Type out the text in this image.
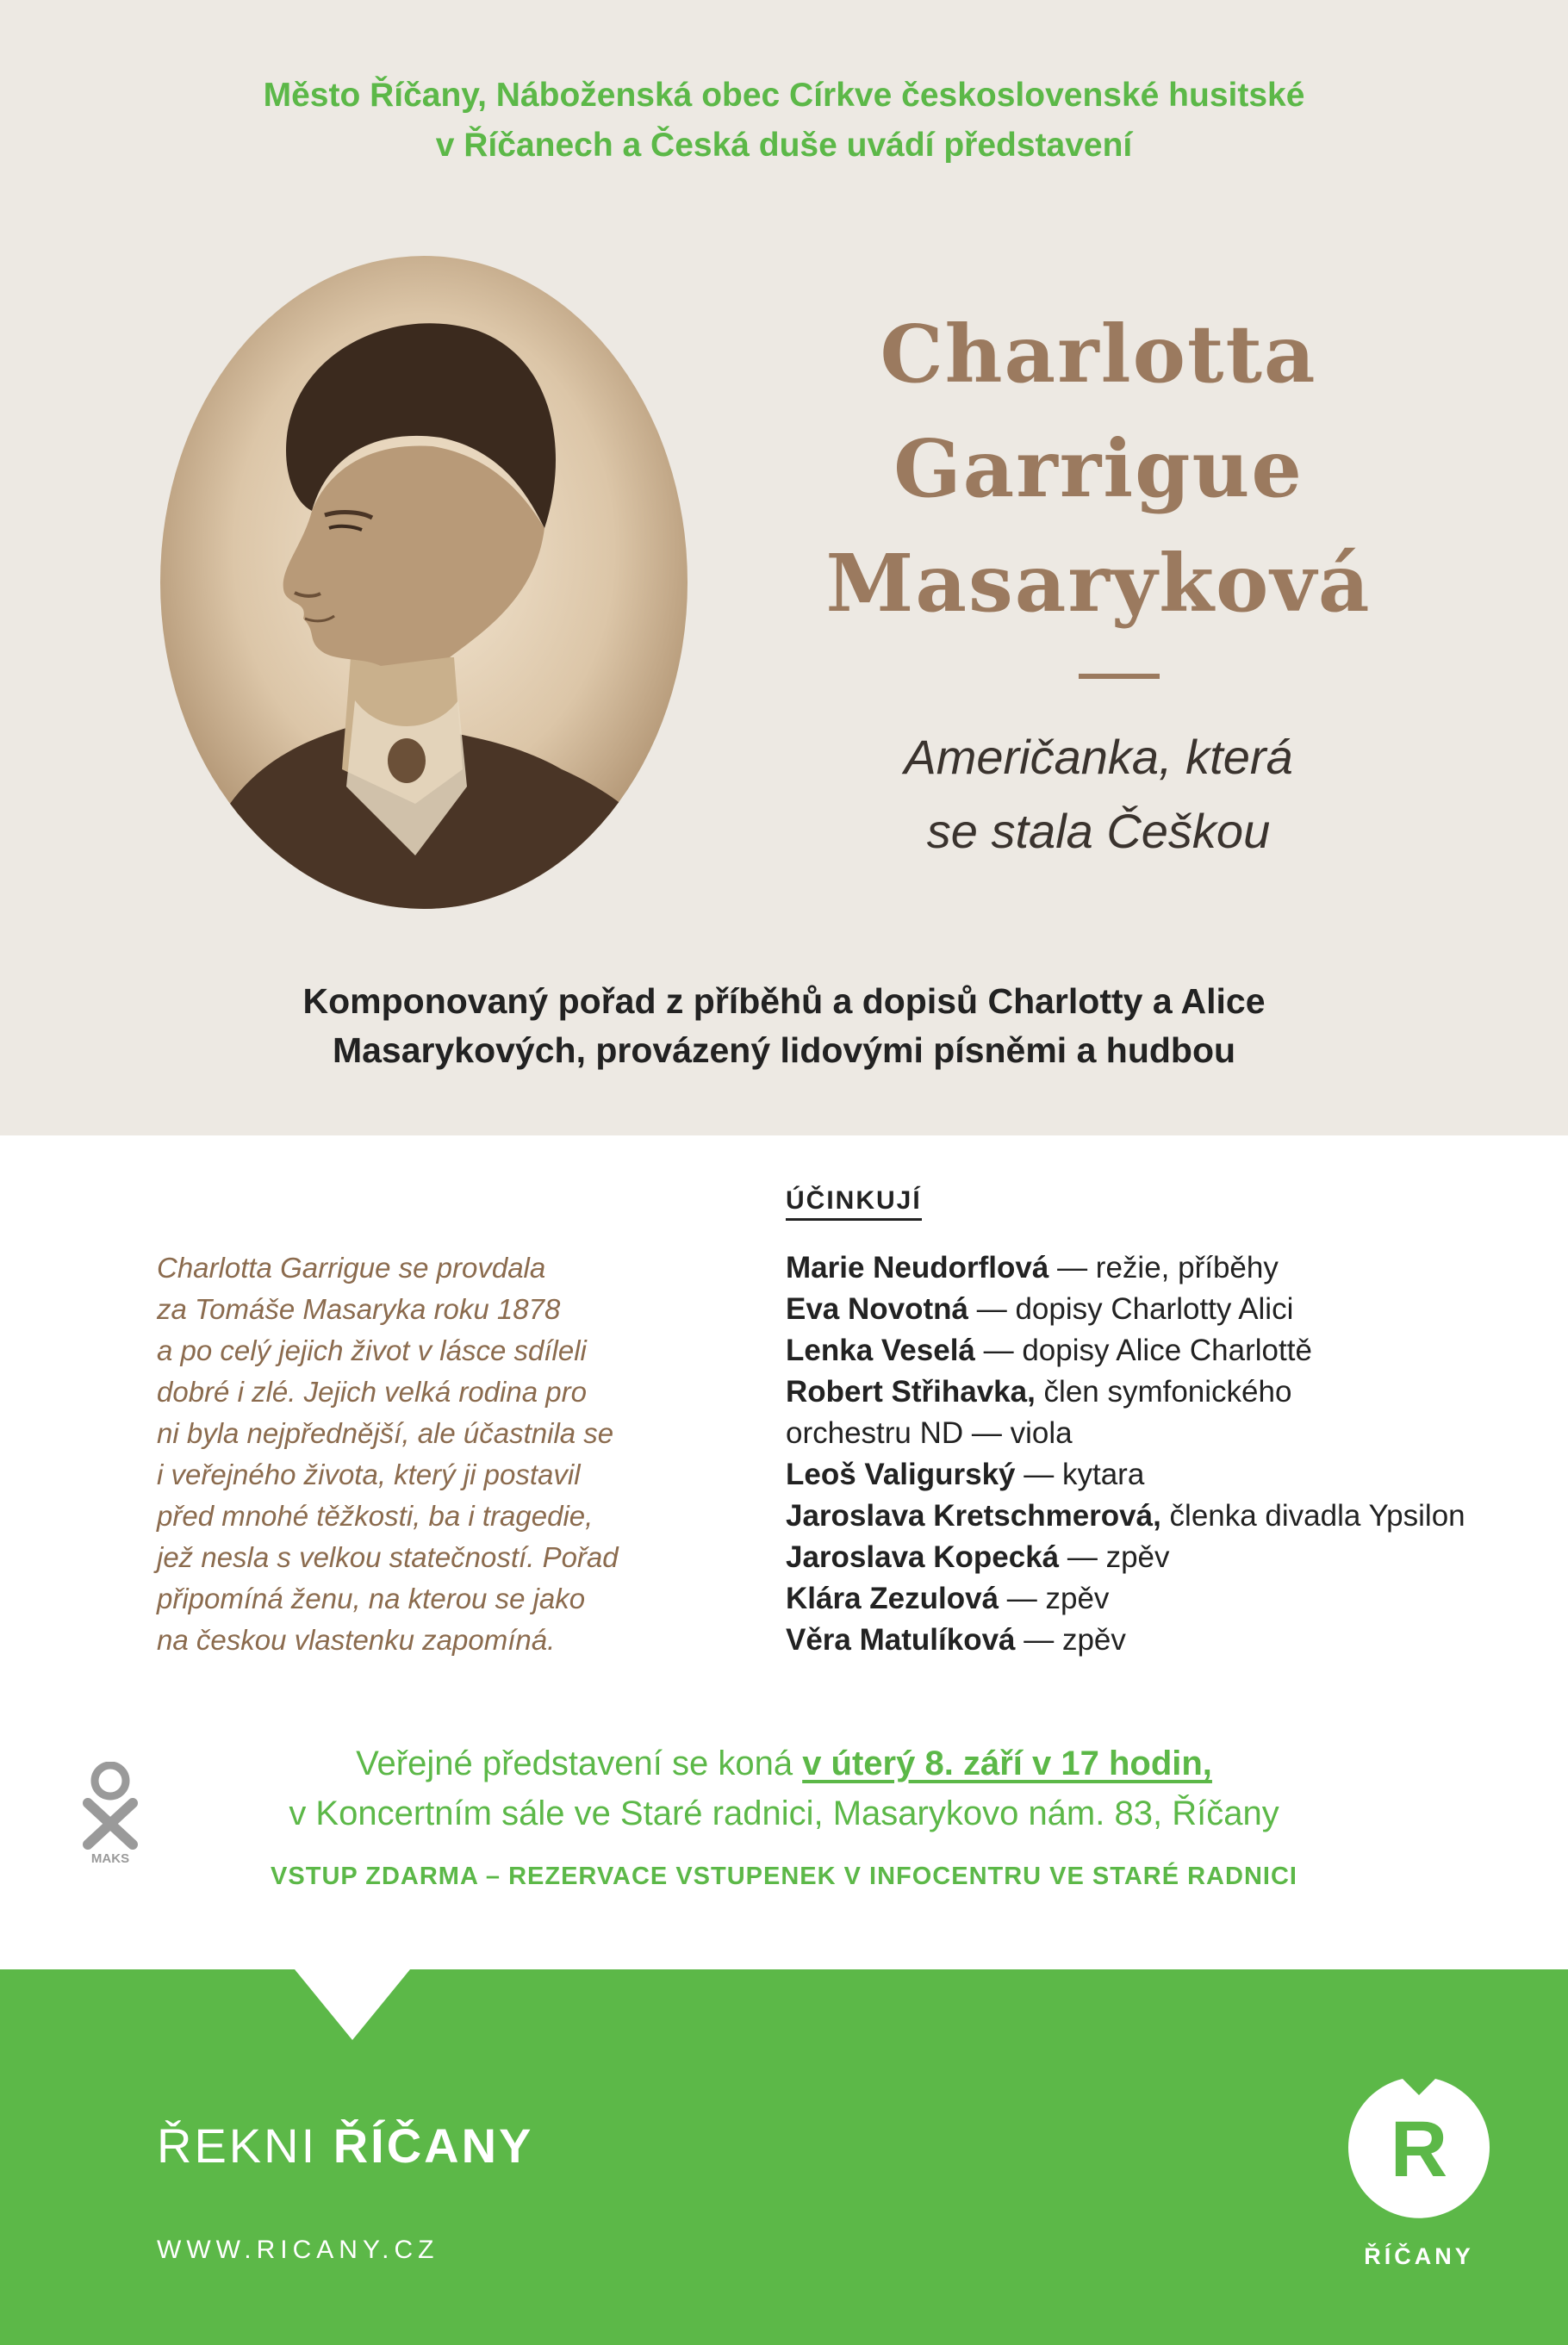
Město Říčany, Náboženská obec Církve československé husitské
v Říčanech a Česká duše uvádí představení
Charlotta
Garrigue
Masaryková
Američanka, která
se stala Češkou
Komponovaný pořad z příběhů a dopisů Charlotty a Alice
Masarykových, provázený lidovými písněmi a hudbou
Charlotta Garrigue se provdala
za Tomáše Masaryka roku 1878
a po celý jejich život v lásce sdíleli
dobré i zlé. Jejich velká rodina pro
ni byla nejpřednější, ale účastnila se
i veřejného života, který ji postavil
před mnohé těžkosti, ba i tragedie,
jež nesla s velkou statečností. Pořad
připomíná ženu, na kterou se jako
na českou vlastenku zapomíná.
ÚČINKUJÍ
Marie Neudorflová — režie, příběhy
Eva Novotná — dopisy Charlotty Alici
Lenka Veselá — dopisy Alice Charlottě
Robert Střihavka, člen symfonického
orchestru ND — viola
Leoš Valigurský — kytara
Jaroslava Kretschmerová, členka divadla Ypsilon
Jaroslava Kopecká — zpěv
Klára Zezulová — zpěv
Věra Matulíková — zpěv
MAKS
Veřejné představení se koná v úterý 8. září v 17 hodin,
v Koncertním sále ve Staré radnici, Masarykovo nám. 83, Říčany
VSTUP ZDARMA – REZERVACE VSTUPENEK V INFOCENTRU VE STARÉ RADNICI
ŘEKNI ŘÍČANY
WWW.RICANY.CZ
R
ŘÍČANY
